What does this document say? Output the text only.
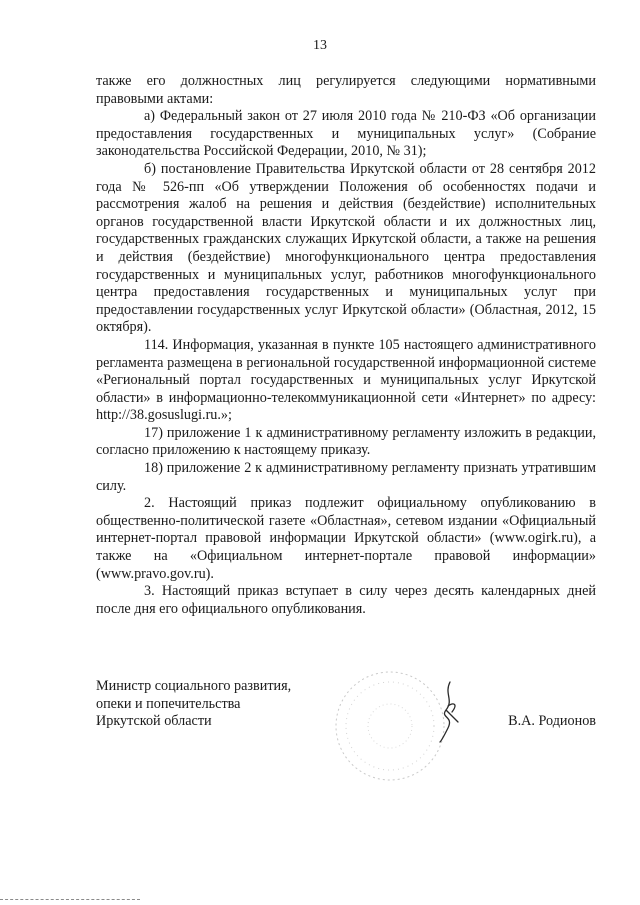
13

также его должностных лиц регулируется следующими нормативными правовыми актами:

а) Федеральный закон от 27 июля 2010 года № 210-ФЗ «Об организации предоставления государственных и муниципальных услуг» (Собрание законодательства Российской Федерации, 2010, № 31);

б) постановление Правительства Иркутской области от 28 сентября 2012 года № 526-пп «Об утверждении Положения об особенностях подачи и рассмотрения жалоб на решения и действия (бездействие) исполнительных органов государственной власти Иркутской области и их должностных лиц, государственных гражданских служащих Иркутской области, а также на решения и действия (бездействие) многофункционального центра предоставления государственных и муниципальных услуг, работников многофункционального центра предоставления государственных и муниципальных услуг при предоставлении государственных услуг Иркутской области» (Областная, 2012, 15 октября).

114. Информация, указанная в пункте 105 настоящего административного регламента размещена в региональной государственной информационной системе «Региональный портал государственных и муниципальных услуг Иркутской области» в информационно-телекоммуникационной сети «Интернет» по адресу: http://38.gosuslugi.ru.»;

17) приложение 1 к административному регламенту изложить в редакции, согласно приложению к настоящему приказу.

18) приложение 2 к административному регламенту признать утратившим силу.

2. Настоящий приказ подлежит официальному опубликованию в общественно-политической газете «Областная», сетевом издании «Официальный интернет-портал правовой информации Иркутской области» (www.ogirk.ru), а также на «Официальном интернет-портале правовой информации» (www.pravo.gov.ru).

3. Настоящий приказ вступает в силу через десять календарных дней после дня его официального опубликования.

Министр социального развития,
опеки и попечительства
Иркутской области	В.А. Родионов
